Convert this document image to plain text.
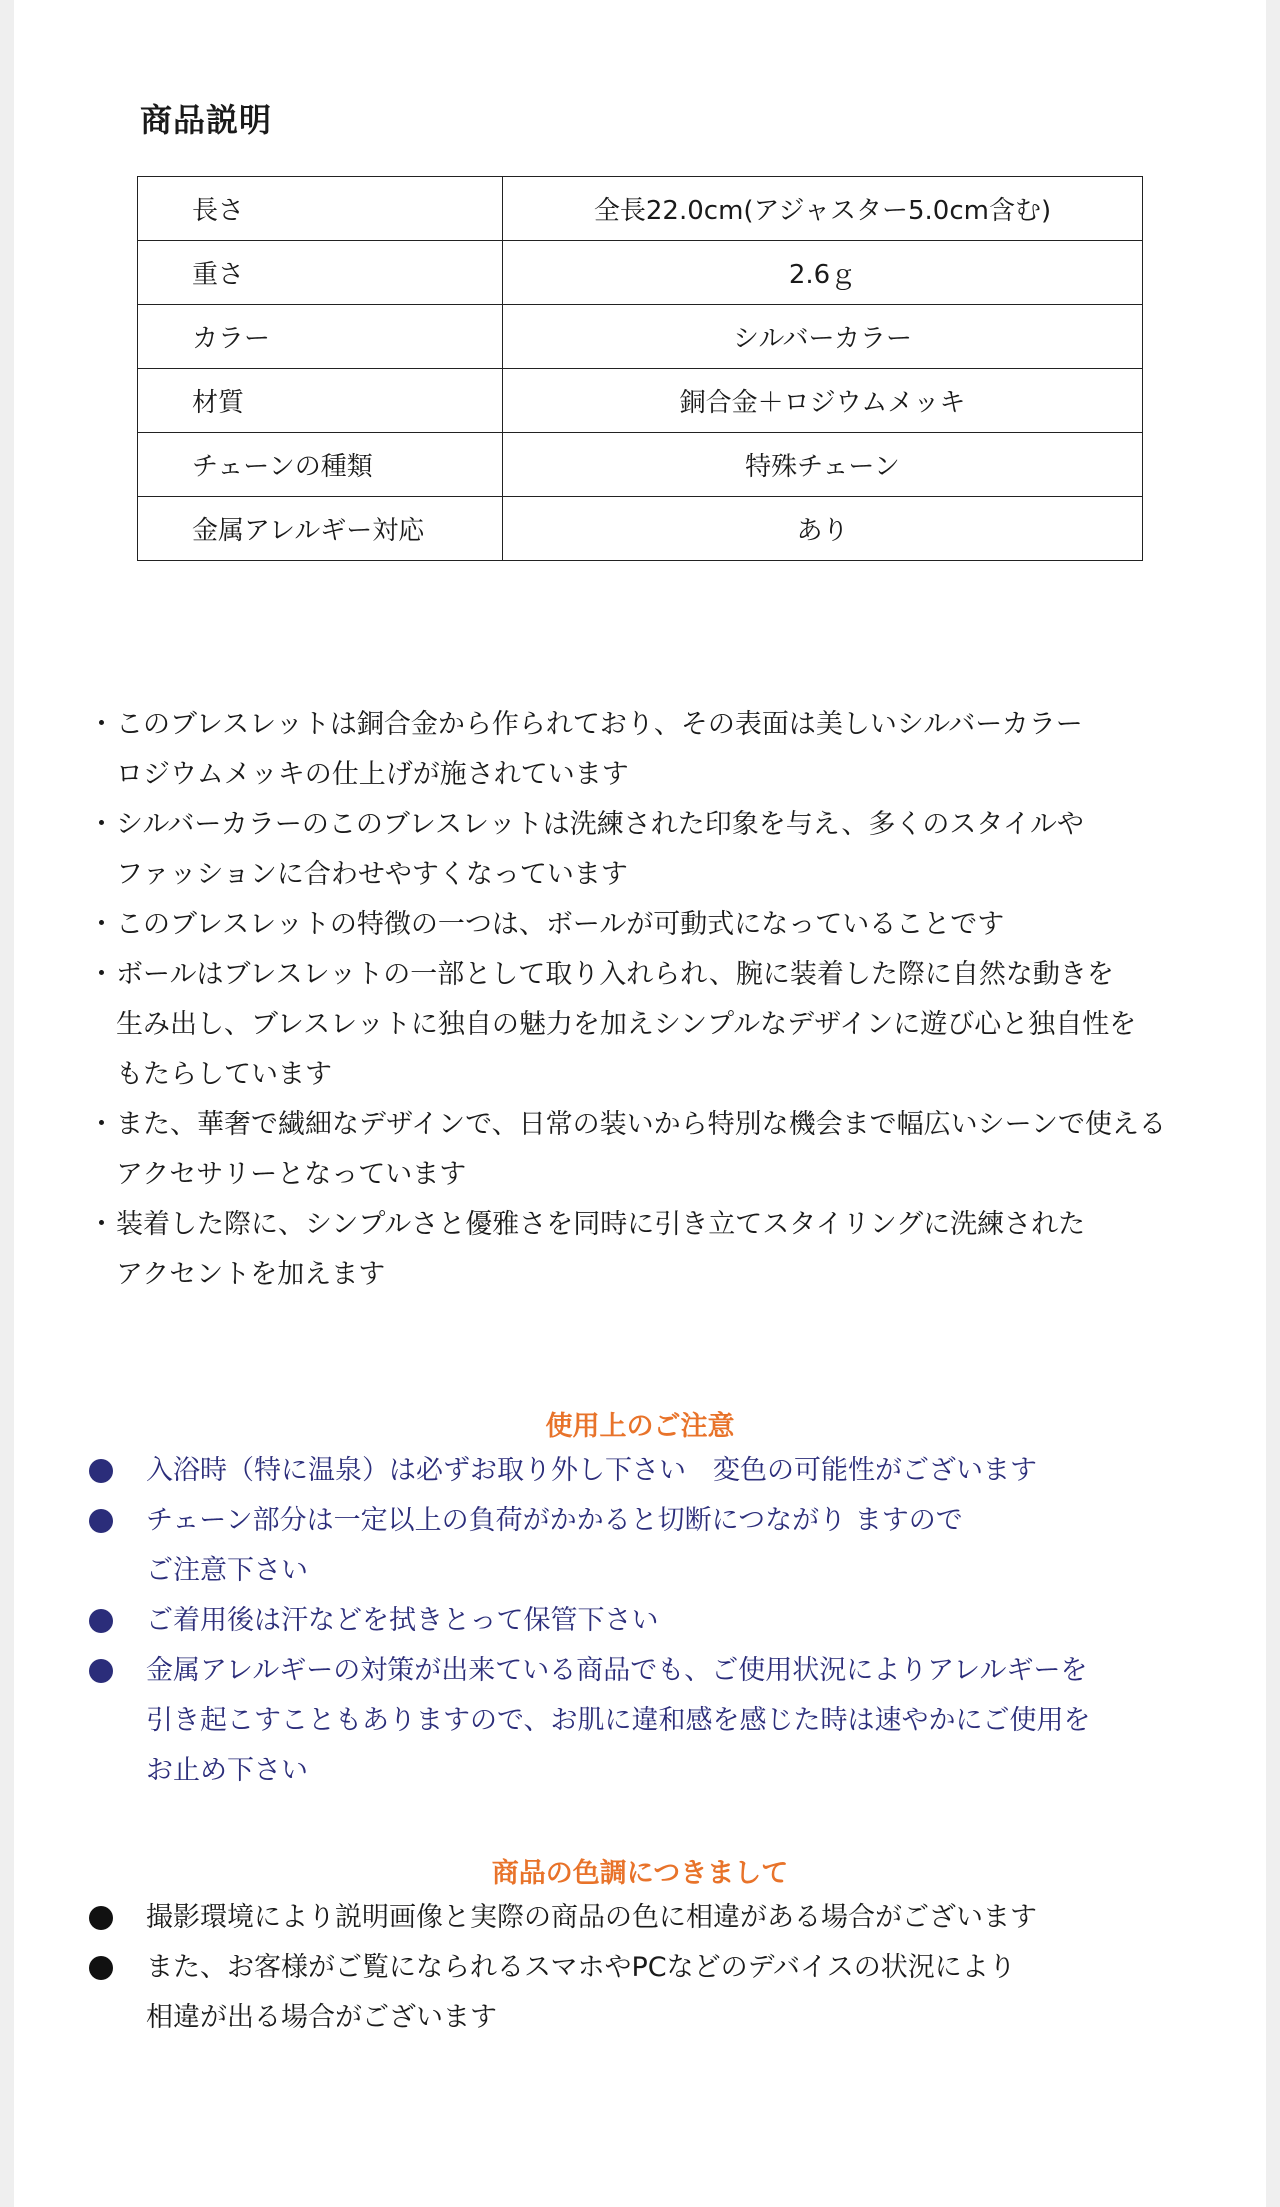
商品説明
長さ	全長22.0cm(アジャスター5.0cm含む)
重さ	2.6ｇ
カラー	シルバーカラー
材質	銅合金＋ロジウムメッキ
チェーンの種類	特殊チェーン
金属アレルギー対応	あり
・ このブレスレットは銅合金から作られており、その表面は美しいシルバーカラー
ロジウムメッキの仕上げが施されています
・ シルバーカラーのこのブレスレットは洗練された印象を与え、多くのスタイルや
ファッションに合わせやすくなっています
・ このブレスレットの特徴の一つは、ボールが可動式になっていることです
・ ボールはブレスレットの一部として取り入れられ、腕に装着した際に自然な動きを
生み出し、ブレスレットに独自の魅力を加えシンプルなデザインに遊び心と独自性を
もたらしています
・ また、華奢で繊細なデザインで、日常の装いから特別な機会まで幅広いシーンで使える
アクセサリーとなっています
・ 装着した際に、シンプルさと優雅さを同時に引き立てスタイリングに洗練された
アクセントを加えます
使用上のご注意
入浴時（特に温泉）は必ずお取り外し下さい　変色の可能性がございます
チェーン部分は一定以上の負荷がかかると切断につながり ますので
ご注意下さい
ご着用後は汗などを拭きとって保管下さい
金属アレルギーの対策が出来ている商品でも、ご使用状況によりアレルギーを
引き起こすこともありますので、お肌に違和感を感じた時は速やかにご使用を
お止め下さい
商品の色調につきまして
撮影環境により説明画像と実際の商品の色に相違がある場合がございます
また、お客様がご覧になられるスマホやPCなどのデバイスの状況により
相違が出る場合がございます
